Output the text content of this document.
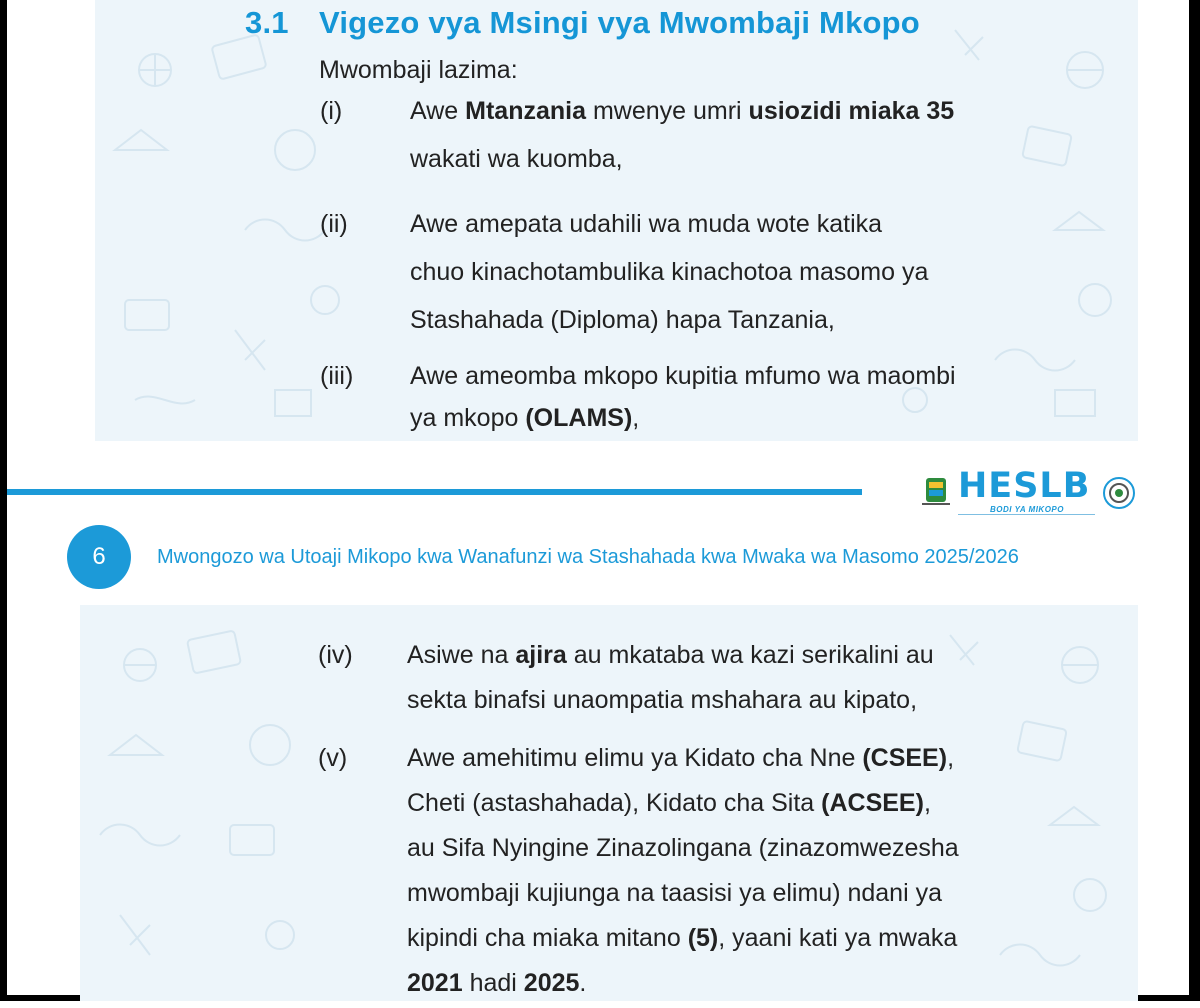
3.1 Vigezo vya Msingi vya Mwombaji Mkopo
Mwombaji lazima:
(i)	Awe Mtanzania mwenye umri usiozidi miaka 35
wakati wa kuomba,
(ii) Awe amepata udahili wa muda wote katika
chuo kinachotambulika kinachotoa masomo ya
Stashahada (Diploma) hapa Tanzania,
(iii) Awe ameomba mkopo kupitia mfumo wa maombi
ya mkopo (OLAMS),
HESLB
BODI YA MIKOPO
6	Mwongozo wa Utoaji Mikopo kwa Wanafunzi wa Stashahada kwa Mwaka wa Masomo 2025/2026
(iv) Asiwe na ajira au mkataba wa kazi serikalini au
sekta binafsi unaompatia mshahara au kipato,
(v) Awe amehitimu elimu ya Kidato cha Nne (CSEE),
Cheti (astashahada), Kidato cha Sita (ACSEE),
au Sifa Nyingine Zinazolingana (zinazomwezesha
mwombaji kujiunga na taasisi ya elimu) ndani ya
kipindi cha miaka mitano (5), yaani kati ya mwaka
2021 hadi 2025.
